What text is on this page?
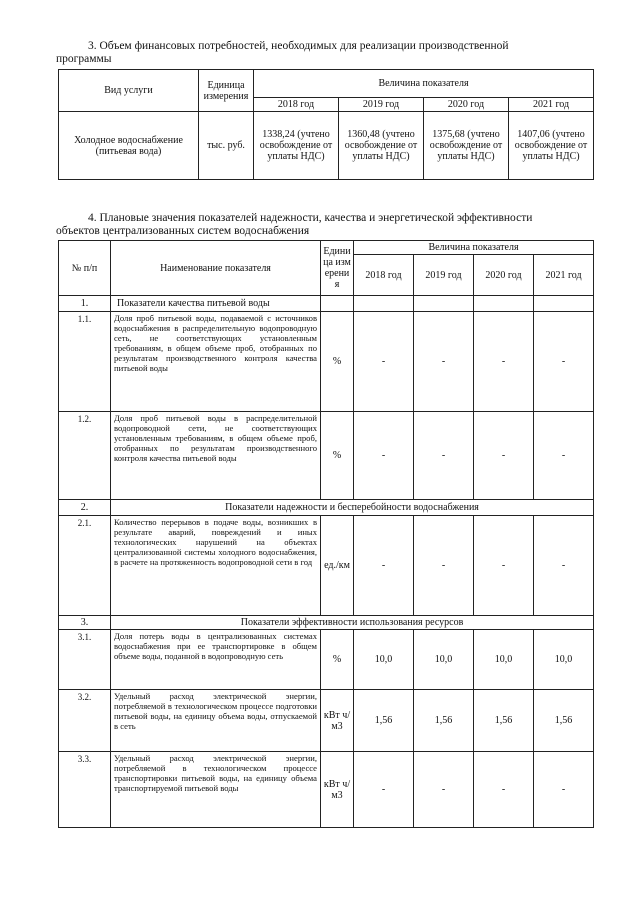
3. Объем финансовых потребностей, необходимых для реализации производственной
программы

Вид услуги	Единица измерения	Величина показателя			
		2018 год	2019 год	2020 год	2021 год
Холодное водоснабжение (питьевая вода)	тыс. руб.	1338,24 (учтено освобождение от уплаты НДС)	1360,48 (учтено освобождение от уплаты НДС)	1375,68 (учтено освобождение от уплаты НДС)	1407,06 (учтено освобождение от уплаты НДС)

4. Плановые значения показателей надежности, качества и энергетической эффективности
объектов централизованных систем водоснабжения

№ п/п	Наименование показателя	Единица измерения	Величина показателя			
			2018 год	2019 год	2020 год	2021 год
1.	Показатели качества питьевой воды					
1.1.	Доля проб питьевой воды, подаваемой с источников водоснабжения в распределительную водопроводную сеть, не соответствующих установленным требованиям, в общем объеме проб, отобранных по результатам производственного контроля качества питьевой воды	%	-	-	-	-
1.2.	Доля проб питьевой воды в распределительной водопроводной сети, не соответствующих установленным требованиям, в общем объеме проб, отобранных по результатам производственного контроля качества питьевой воды	%	-	-	-	-
2.	Показатели надежности и бесперебойности водоснабжения					
2.1.	Количество перерывов в подаче воды, возникших в результате аварий, повреждений и иных технологических нарушений на объектах централизованной системы холодного водоснабжения, в расчете на протяженность водопроводной сети в год	ед./км	-	-	-	-
3.	Показатели эффективности использования ресурсов					
3.1.	Доля потерь воды в централизованных системах водоснабжения при ее транспортировке в общем объеме воды, поданной в водопроводную сеть	%	10,0	10,0	10,0	10,0
3.2.	Удельный расход электрической энергии, потребляемой в технологическом процессе подготовки питьевой воды, на единицу объема воды, отпускаемой в сеть	кВт ч/м3	1,56	1,56	1,56	1,56
3.3.	Удельный расход электрической энергии, потребляемой в технологическом процессе транспортировки питьевой воды, на единицу объема транспортируемой питьевой воды	кВт ч/м3	-	-	-	-
